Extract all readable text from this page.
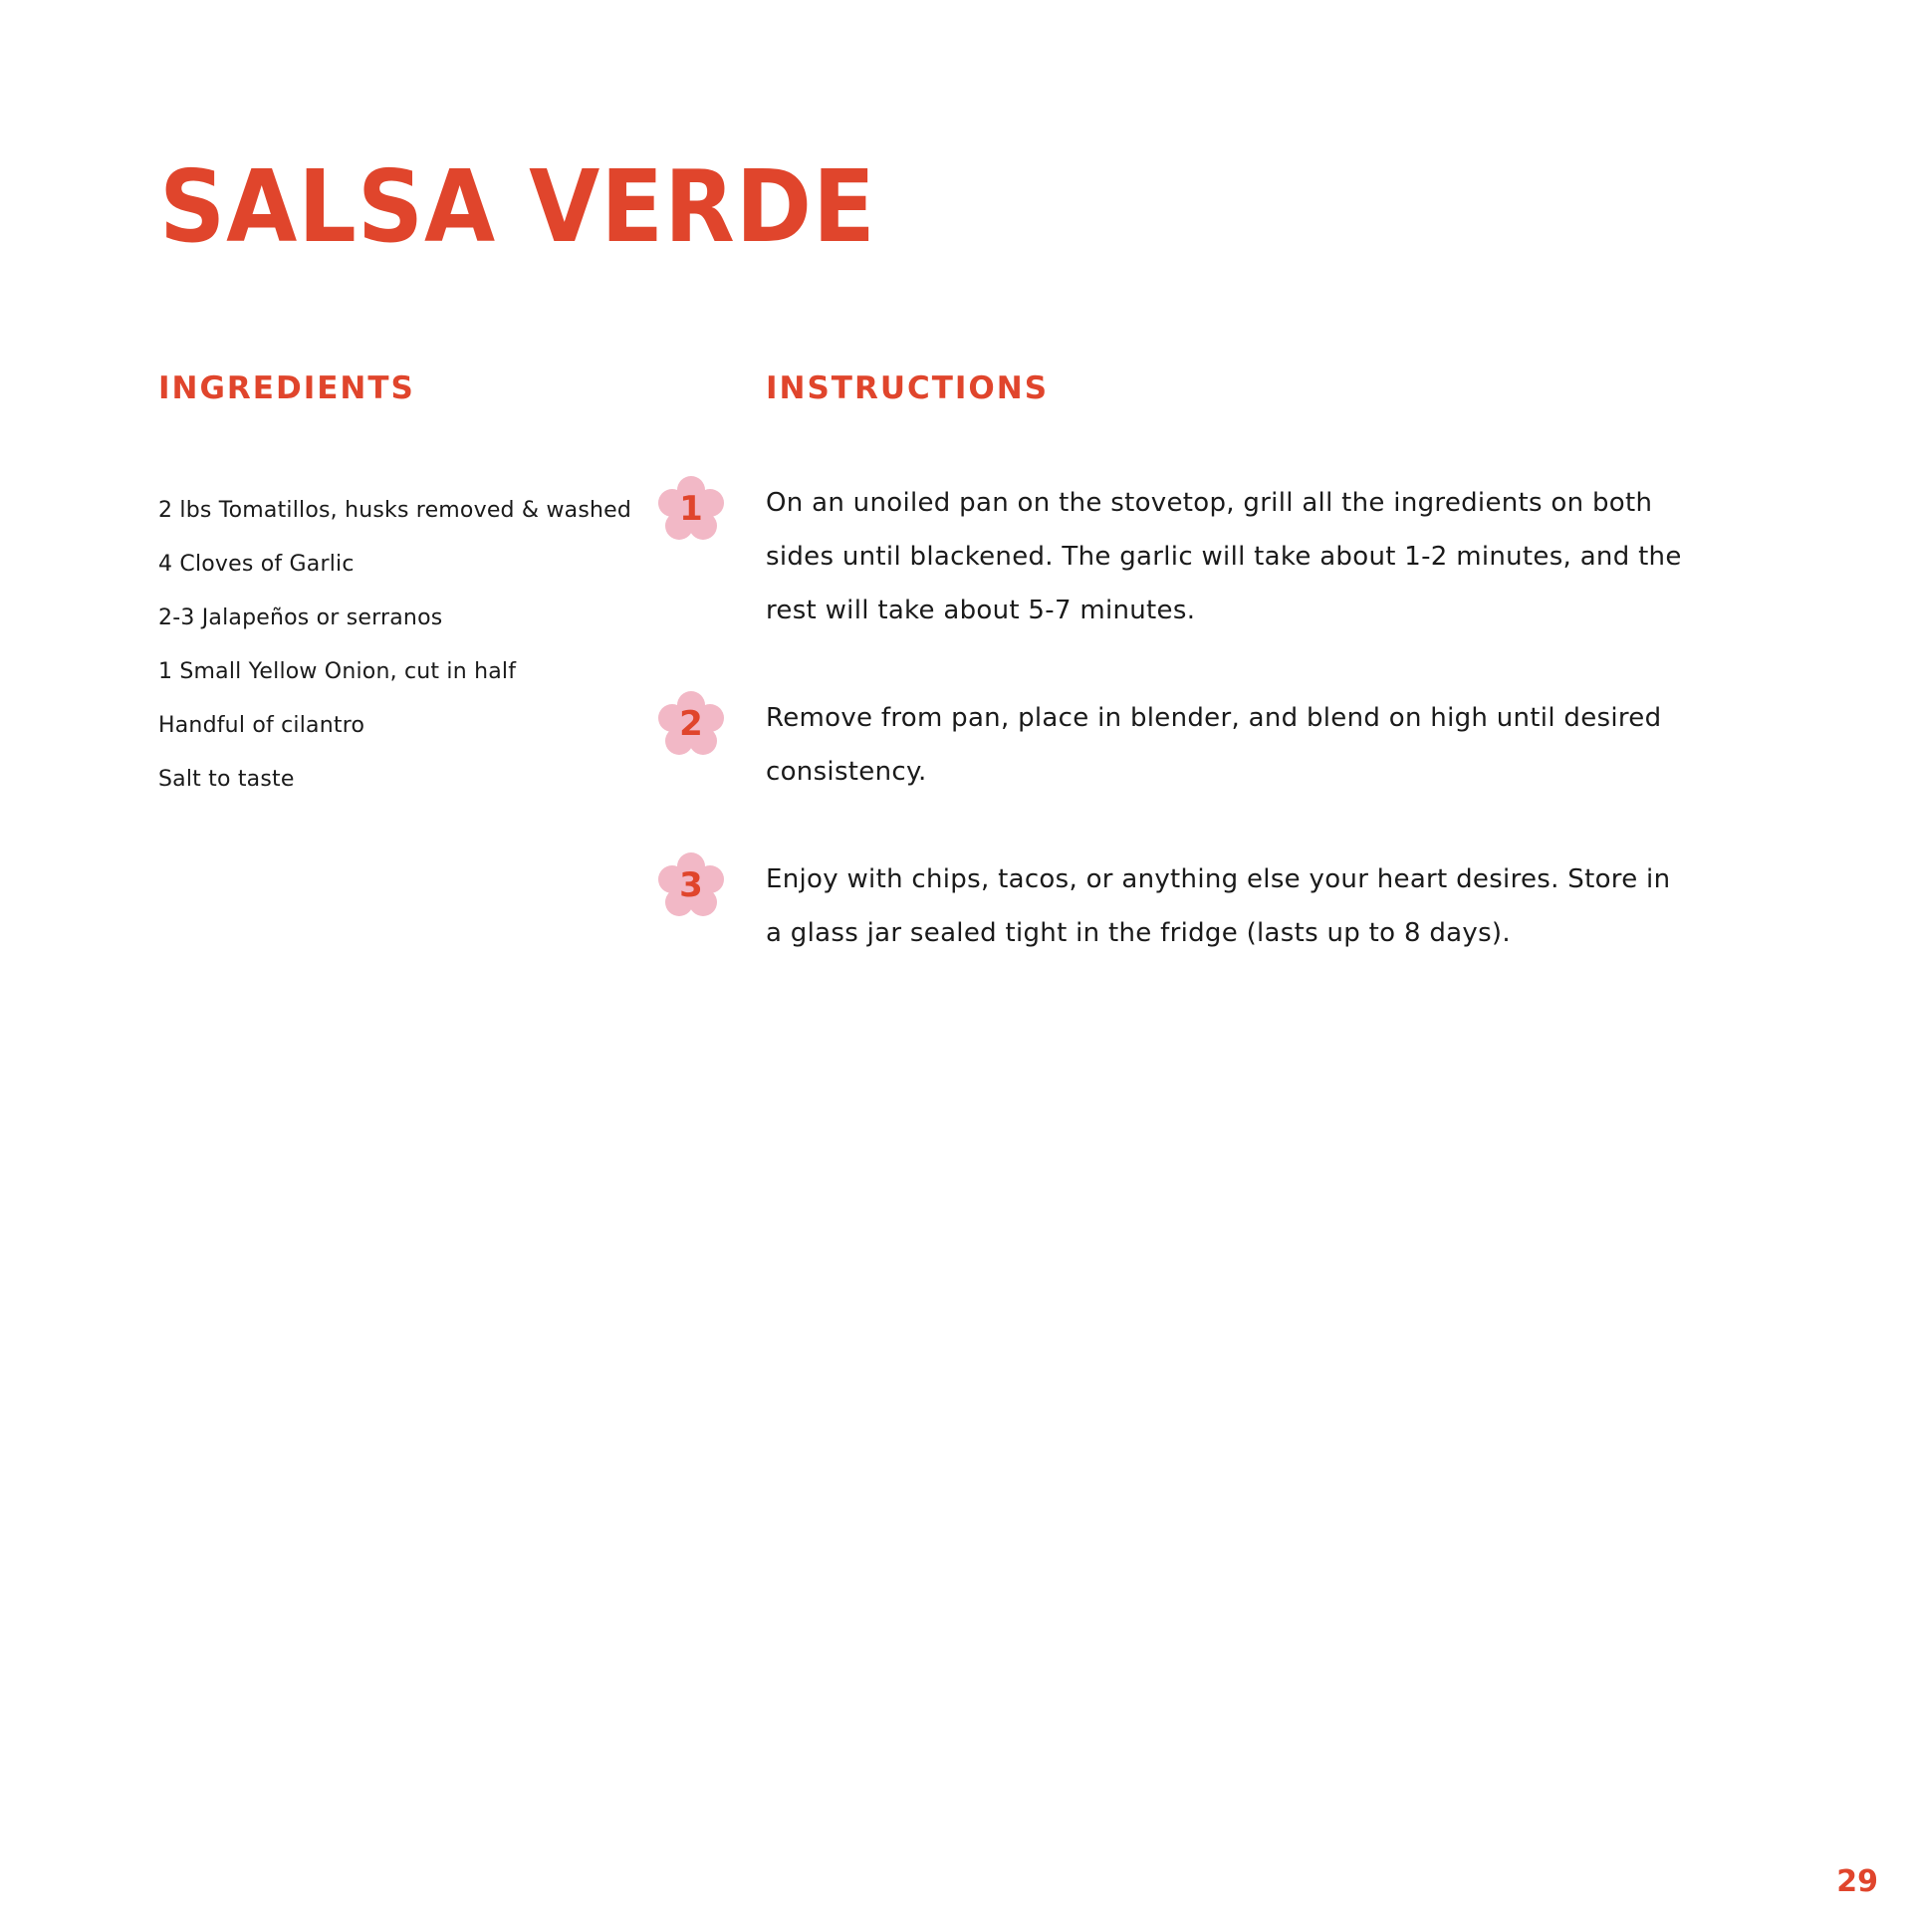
SALSA VERDE
INGREDIENTS
2 lbs Tomatillos, husks removed & washed
4 Cloves of Garlic
2-3 Jalapeños or serranos
1 Small Yellow Onion, cut in half
Handful of cilantro
Salt to taste
INSTRUCTIONS
1	On an unoiled pan on the stovetop, grill all the ingredients on both sides until blackened. The garlic will take about 1-2 minutes, and the rest will take about 5-7 minutes.

2	Remove from pan, place in blender, and blend on high until desired consistency.

3	Enjoy with chips, tacos, or anything else your heart desires. Store in a glass jar sealed tight in the fridge (lasts up to 8 days).

29
